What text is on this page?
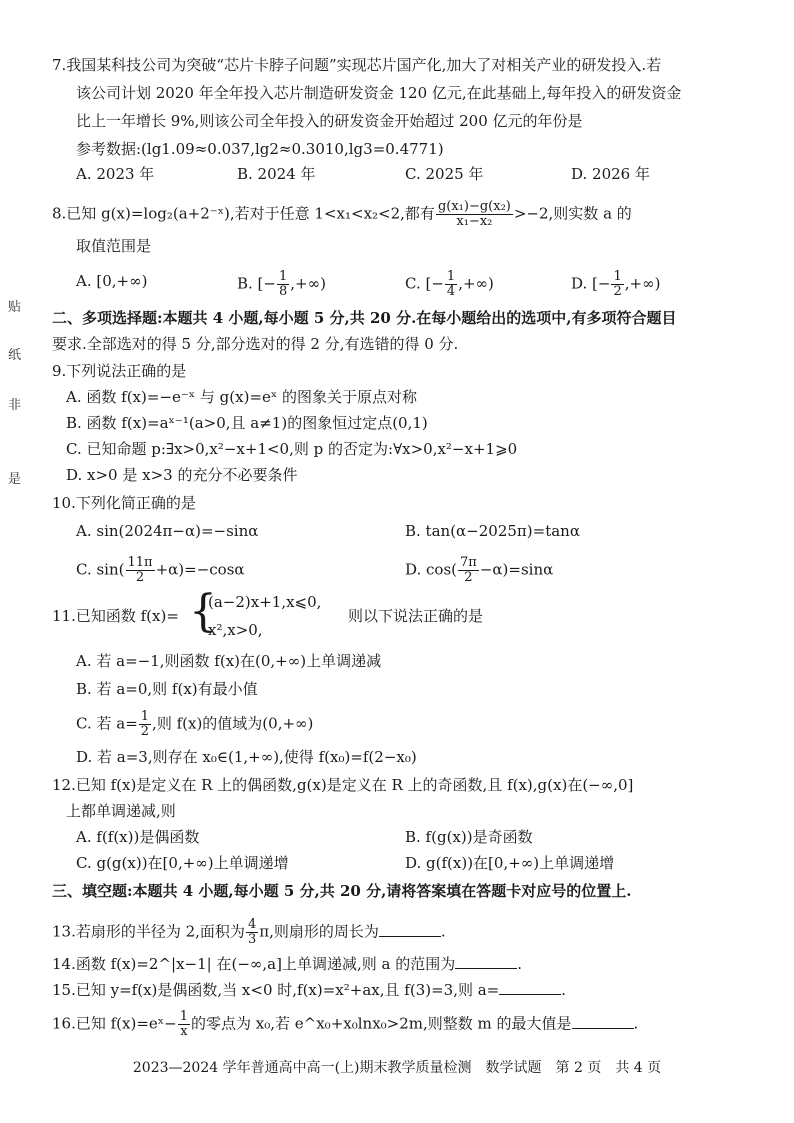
贴
纸
非
是
7.我国某科技公司为突破“芯片卡脖子问题”实现芯片国产化,加大了对相关产业的研发投入.若
该公司计划 2020 年全年投入芯片制造研发资金 120 亿元,在此基础上,每年投入的研发资金
比上一年增长 9%,则该公司全年投入的研发资金开始超过 200 亿元的年份是
参考数据:(lg1.09≈0.037,lg2≈0.3010,lg3=0.4771)
A. 2023 年	B. 2024 年	C. 2025 年	D. 2026 年
8.已知 g(x)=log₂(a+2⁻ˣ),若对于任意 1<x₁<x₂<2,都有 $\frac{\text{g(x₁)−g(x₂)}}{\text{x₁−x₂}} >-2$,则实数 a 的
取值范围是
A. [0,+∞)	B. [− $\frac{1}{8}$ ,+∞)	C. [− $\frac{1}{4}$ ,+∞)	D. [− $\frac{1}{2}$ ,+∞)
二、多项选择题:本题共 4 小题,每小题 5 分,共 20 分.在每小题给出的选项中,有多项符合题目
要求.全部选对的得 5 分,部分选对的得 2 分,有选错的得 0 分.
9.下列说法正确的是
A. 函数 f(x)=−e⁻ˣ 与 g(x)=eˣ 的图象关于原点对称
B. 函数 f(x)=aˣ⁻¹(a>0,且 a≠1)的图象恒过定点(0,1)
C. 已知命题 p:∃x>0,x²−x+1<0,则 p 的否定为:∀x>0,x²−x+1⩾0
D. x>0 是 x>3 的充分不必要条件
10.下列化简正确的是
A. sin(2024π−α)=−sinα	B. tan(α−2025π)=tanα
C. $\sin( \frac{11\pi}{2} +\alpha)=-\cos\alpha$	D. $\cos( \frac{7\pi}{2} -\alpha)=\sin\alpha$
11.已知函数 f(x)= {
(a−2)x+1,x⩽0,
x²,x>0,
则以下说法正确的是
A. 若 a=−1,则函数 f(x)在(0,+∞)上单调递减
B. 若 a=0,则 f(x)有最小值
C. 若 $a= \frac{1}{2}$ ,则 f(x)的值域为(0,+∞)
D. 若 a=3,则存在 x₀∈(1,+∞),使得 f(x₀)=f(2−x₀)
12.已知 f(x)是定义在 R 上的偶函数,g(x)是定义在 R 上的奇函数,且 f(x),g(x)在(−∞,0]
上都单调递减,则
A. f(f(x))是偶函数	B. f(g(x))是奇函数
C. g(g(x))在[0,+∞)上单调递增	D. g(f(x))在[0,+∞)上单调递增
三、填空题:本题共 4 小题,每小题 5 分,共 20 分,请将答案填在答题卡对应号的位置上.
13.若扇形的半径为 2,面积为 $\frac{4}{3} \pi$,则扇形的周长为	.
14.函数 f(x)=2^|x−1| 在(−∞,a]上单调递减,则 a 的范围为	.
15.已知 y=f(x)是偶函数,当 x<0 时,f(x)=x²+ax,且 f(3)=3,则 a=	.
16.已知 f(x)=eˣ− $\frac{1}{x}$ 的零点为 x₀,若 e^x₀+x₀lnx₀>2m,则整数 m 的最大值是	.
2023—2024 学年普通高中高一(上)期末教学质量检测　数学试题　第 2 页　共 4 页
